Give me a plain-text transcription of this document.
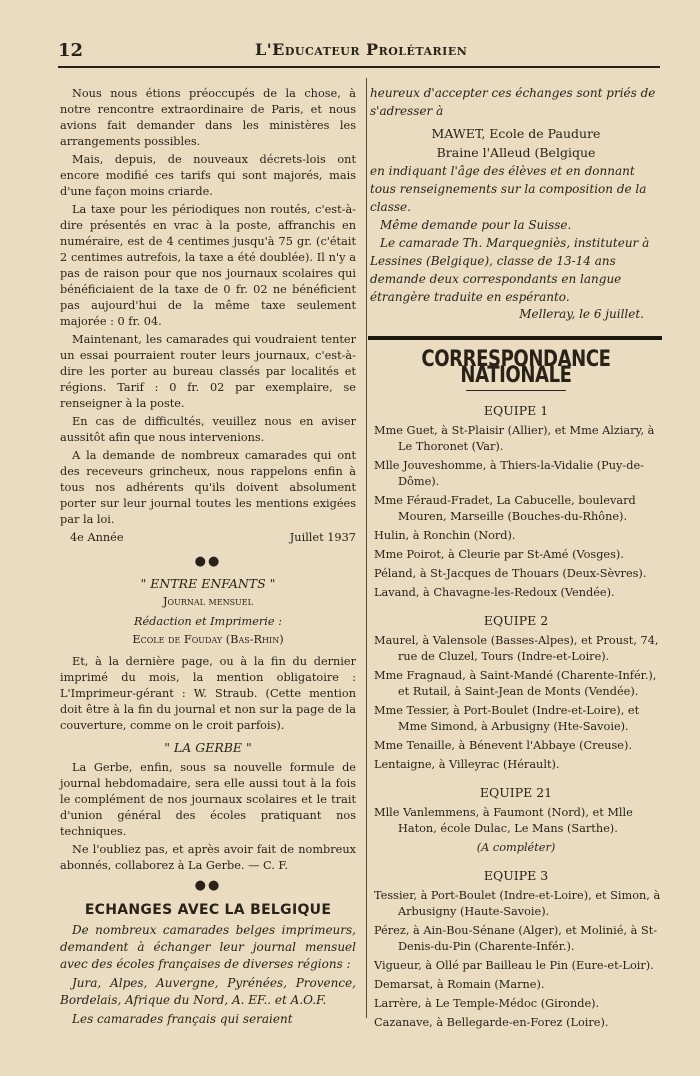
12	L'Educateur Prolétarien

Nous nous étions préoccupés de la chose, à notre rencontre extraordinaire de Paris, et nous avions fait demander dans les ministères les arrangements possibles.

Mais, depuis, de nouveaux décrets-lois ont encore modifié ces tarifs qui sont majorés, mais d'une façon moins criarde.

La taxe pour les périodiques non routés, c'est-à-dire présentés en vrac à la poste, affranchis en numéraire, est de 4 centimes jusqu'à 75 gr. (c'était 2 centimes autrefois, la taxe a été doublée). Il n'y a pas de raison pour que nos journaux scolaires qui bénéficiaient de la taxe de 0 fr. 02 ne bénéficient pas aujourd'hui de la même taxe seulement majorée : 0 fr. 04.

Maintenant, les camarades qui voudraient tenter un essai pourraient router leurs journaux, c'est-à-dire les porter au bureau classés par localités et régions. Tarif : 0 fr. 02 par exemplaire, se renseigner à la poste.

En cas de difficultés, veuillez nous en aviser aussitôt afin que nous intervenions.

A la demande de nombreux camarades qui ont des receveurs grincheux, nous rappelons enfin à tous nos adhérents qu'ils doivent absolument porter sur leur journal toutes les mentions exigées par la loi.

4e Année	Juillet 1937
●●

" ENTRE ENFANTS "

Journal mensuel

Rédaction et Imprimerie :

Ecole de Fouday (Bas-Rhin)

Et, à la dernière page, ou à la fin du dernier imprimé du mois, la mention obligatoire : L'Imprimeur-gérant : W. Straub. (Cette mention doit être à la fin du journal et non sur la page de la couverture, comme on le croit parfois).

" LA GERBE "

La Gerbe, enfin, sous sa nouvelle formule de journal hebdomadaire, sera elle aussi tout à la fois le complément de nos journaux scolaires et le trait d'union général des écoles pratiquant nos techniques.

Ne l'oubliez pas, et après avoir fait de nombreux abonnés, collaborez à La Gerbe. — C. F.

●●
ECHANGES AVEC LA BELGIQUE

De nombreux camarades belges imprimeurs, demandent à échanger leur journal mensuel avec des écoles françaises de diverses régions :

Jura, Alpes, Auvergne, Pyrénées, Provence, Bordelais, Afrique du Nord, A. EF.. et A.O.F.

Les camarades français qui seraient

heureux d'accepter ces échanges sont priés de s'adresser à
MAWET, Ecole de Paudure
Braine l'Alleud (Belgique
en indiquant l'âge des élèves et en donnant tous renseignements sur la composition de la classe.
Même demande pour la Suisse.
Le camarade Th. Marquegniès, instituteur à Lessines (Belgique), classe de 13-14 ans demande deux correspondants en langue étrangère traduite en espéranto.
Melleray, le 6 juillet.
CORRESPONDANCE NATIONALE
EQUIPE 1
Mme Guet, à St-Plaisir (Allier), et Mme Alziary, à Le Thoronet (Var).
Mlle Jouveshomme, à Thiers-la-Vidalie (Puy-de-Dôme).
Mme Féraud-Fradet, La Cabucelle, boulevard Mouren, Marseille (Bouches-du-Rhône).
Hulin, à Ronchin (Nord).
Mme Poirot, à Cleurie par St-Amé (Vosges).
Péland, à St-Jacques de Thouars (Deux-Sèvres).
Lavand, à Chavagne-les-Redoux (Vendée).
EQUIPE 2
Maurel, à Valensole (Basses-Alpes), et Proust, 74, rue de Cluzel, Tours (Indre-et-Loire).
Mme Fragnaud, à Saint-Mandé (Charente-Infér.), et Rutail, à Saint-Jean de Monts (Vendée).
Mme Tessier, à Port-Boulet (Indre-et-Loire), et Mme Simond, à Arbusigny (Hte-Savoie).
Mme Tenaille, à Bénevent l'Abbaye (Creuse).
Lentaigne, à Villeyrac (Hérault).
EQUIPE 21
Mlle Vanlemmens, à Faumont (Nord), et Mlle Haton, école Dulac, Le Mans (Sarthe).
(A compléter)
EQUIPE 3
Tessier, à Port-Boulet (Indre-et-Loire), et Simon, à Arbusigny (Haute-Savoie).
Pérez, à Ain-Bou-Sénane (Alger), et Molinié, à St-Denis-du-Pin (Charente-Infér.).
Vigueur, à Ollé par Bailleau le Pin (Eure-et-Loir).
Demarsat, à Romain (Marne).
Larrère, à Le Temple-Médoc (Gironde).
Cazanave, à Bellegarde-en-Forez (Loire).
